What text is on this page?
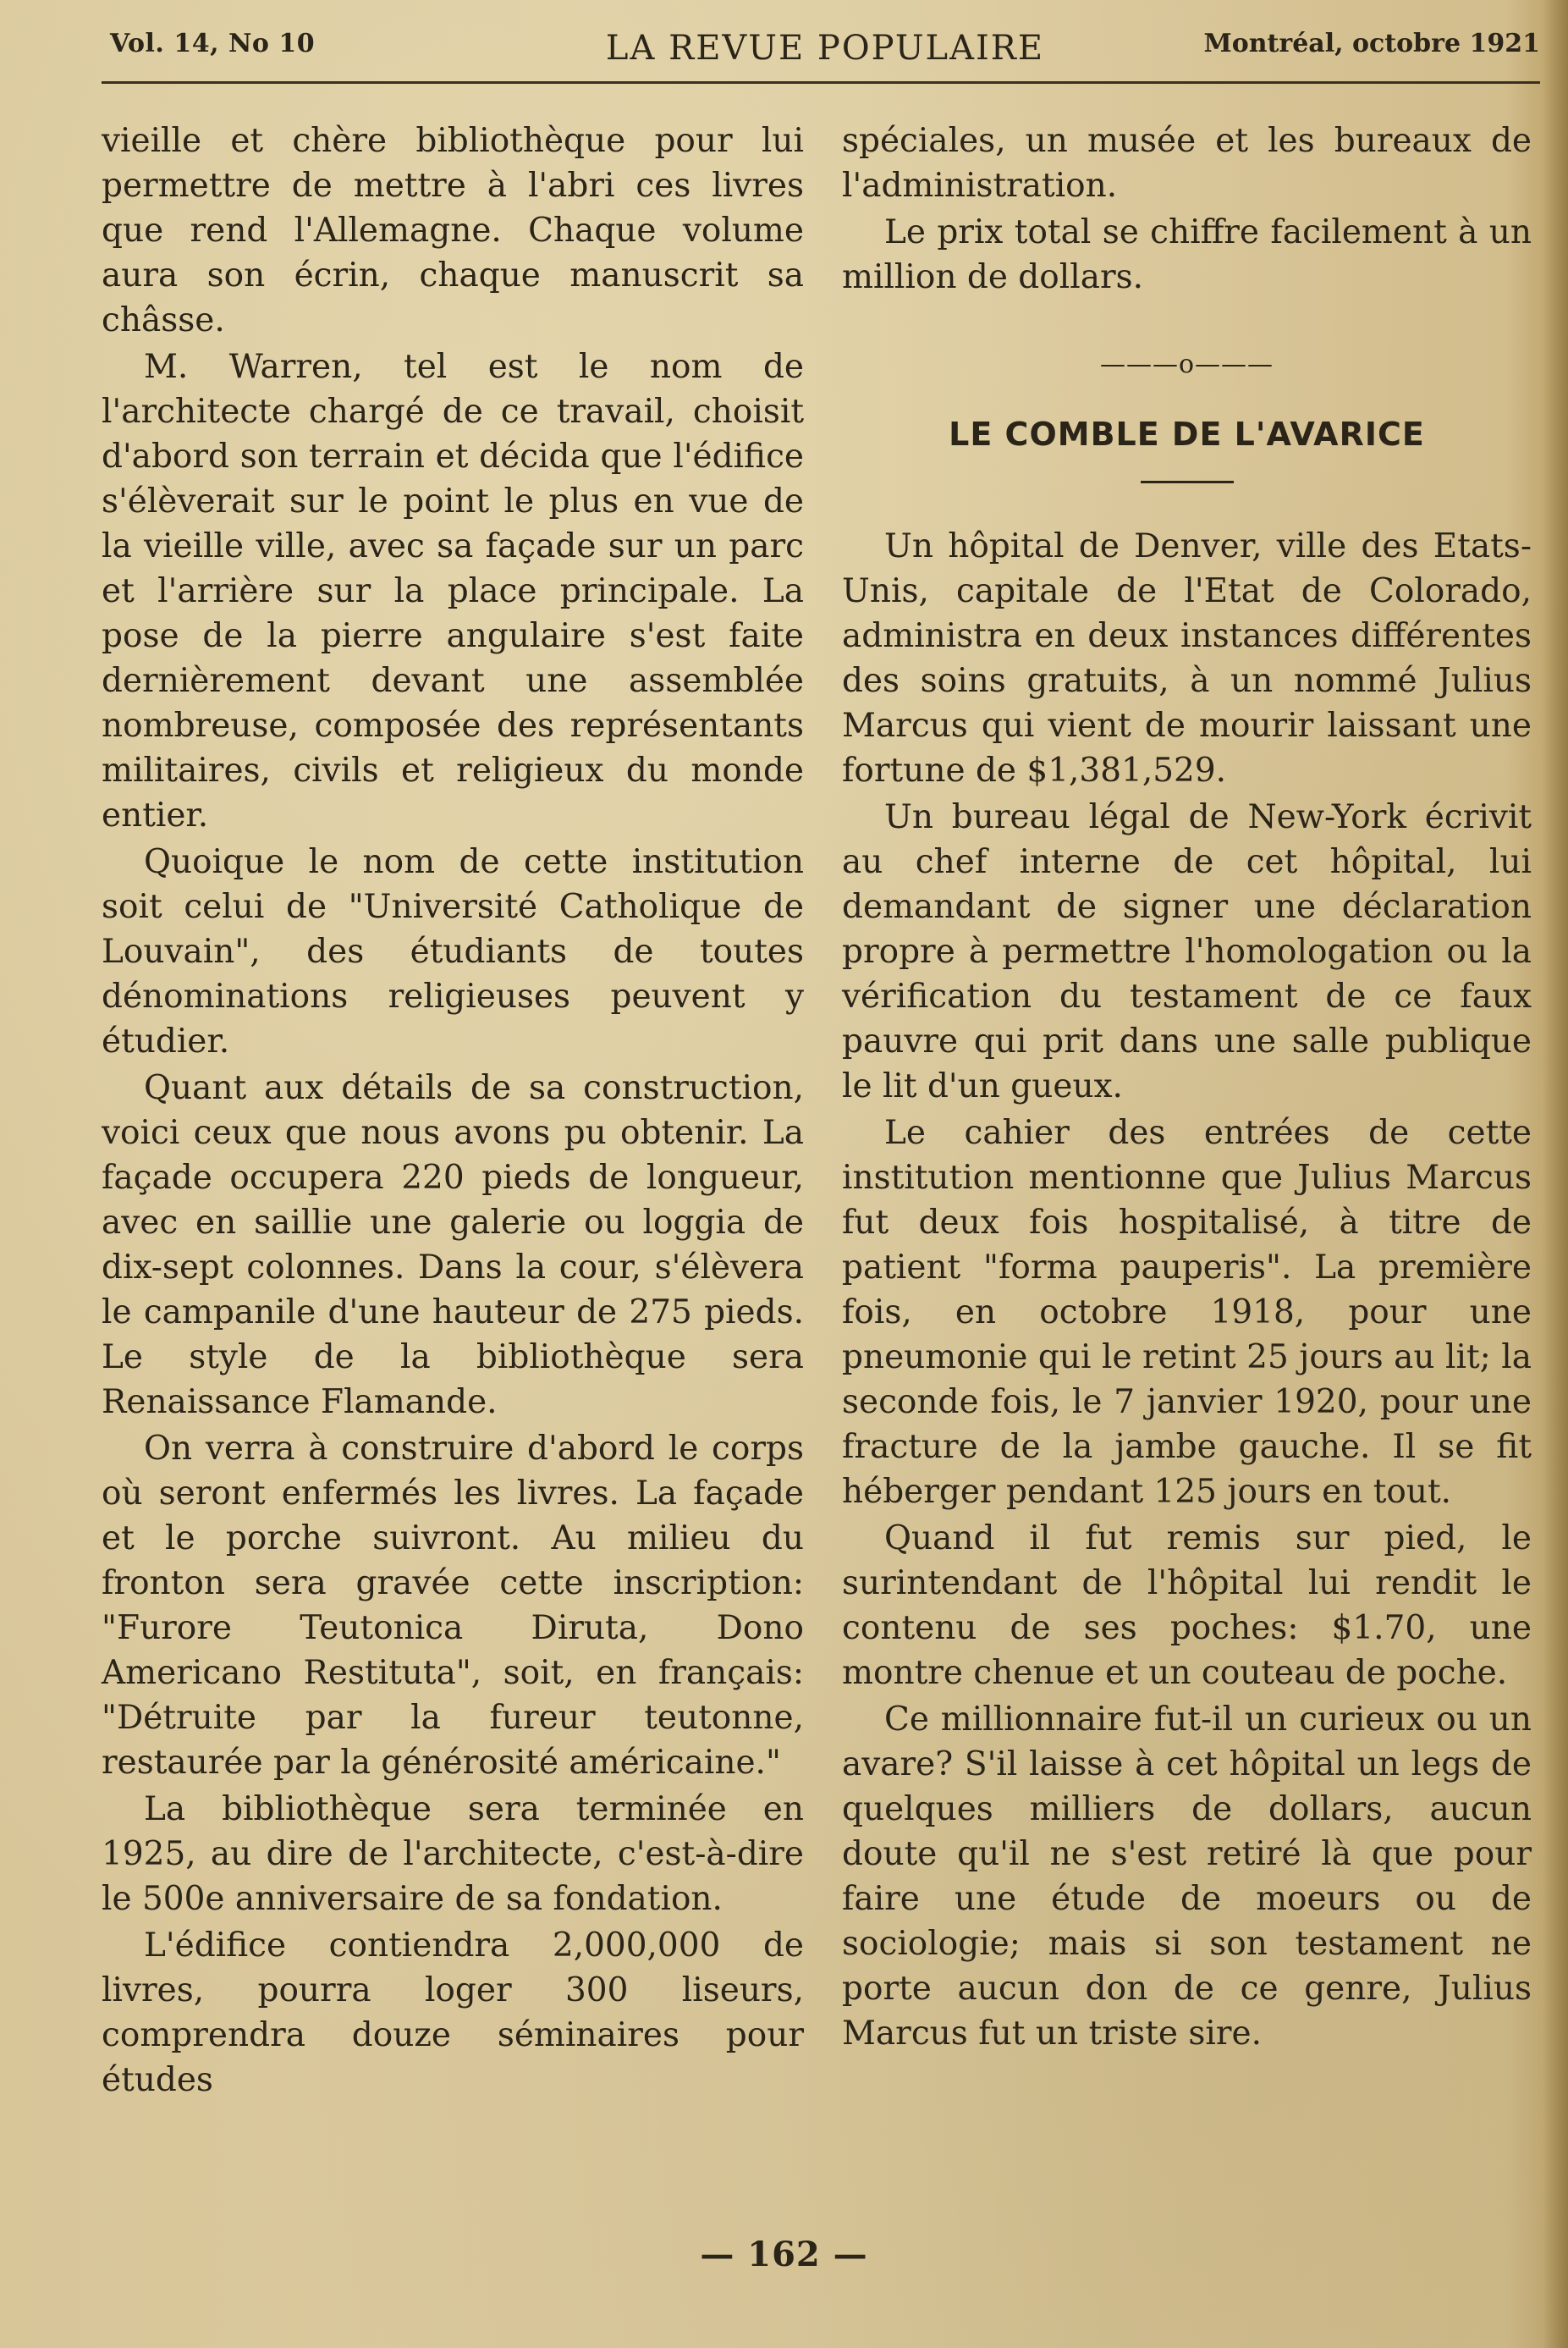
Vol. 14, No 10	LA REVUE POPULAIRE	Montréal, octobre 1921

vieille et chère bibliothèque pour lui permettre de mettre à l'abri ces livres que rend l'Allemagne. Chaque volume aura son écrin, chaque manuscrit sa châsse.

M. Warren, tel est le nom de l'architecte chargé de ce travail, choisit d'abord son terrain et décida que l'édifice s'élèverait sur le point le plus en vue de la vieille ville, avec sa façade sur un parc et l'arrière sur la place principale. La pose de la pierre angulaire s'est faite dernièrement devant une assemblée nombreuse, composée des représentants militaires, civils et religieux du monde entier.

Quoique le nom de cette institution soit celui de "Université Catholique de Louvain", des étudiants de toutes dénominations religieuses peuvent y étudier.

Quant aux détails de sa construction, voici ceux que nous avons pu obtenir. La façade occupera 220 pieds de longueur, avec en saillie une galerie ou loggia de dix-sept colonnes. Dans la cour, s'élèvera le campanile d'une hauteur de 275 pieds. Le style de la bibliothèque sera Renaissance Flamande.

On verra à construire d'abord le corps où seront enfermés les livres. La façade et le porche suivront. Au milieu du fronton sera gravée cette inscription: "Furore Teutonica Diruta, Dono Americano Restituta", soit, en français: "Détruite par la fureur teutonne, restaurée par la générosité américaine."

La bibliothèque sera terminée en 1925, au dire de l'architecte, c'est-à-dire le 500e anniversaire de sa fondation.

L'édifice contiendra 2,000,000 de livres, pourra loger 300 liseurs, comprendra douze séminaires pour études

spéciales, un musée et les bureaux de l'administration.

Le prix total se chiffre facilement à un million de dollars.

———o———
LE COMBLE DE L'AVARICE

Un hôpital de Denver, ville des Etats-Unis, capitale de l'Etat de Colorado, administra en deux instances différentes des soins gratuits, à un nommé Julius Marcus qui vient de mourir laissant une fortune de $1,381,529.

Un bureau légal de New-York écrivit au chef interne de cet hôpital, lui demandant de signer une déclaration propre à permettre l'homologation ou la vérification du testament de ce faux pauvre qui prit dans une salle publique le lit d'un gueux.

Le cahier des entrées de cette institution mentionne que Julius Marcus fut deux fois hospitalisé, à titre de patient "forma pauperis". La première fois, en octobre 1918, pour une pneumonie qui le retint 25 jours au lit; la seconde fois, le 7 janvier 1920, pour une fracture de la jambe gauche. Il se fit héberger pendant 125 jours en tout.

Quand il fut remis sur pied, le surintendant de l'hôpital lui rendit le contenu de ses poches: $1.70, une montre chenue et un couteau de poche.

Ce millionnaire fut-il un curieux ou un avare? S'il laisse à cet hôpital un legs de quelques milliers de dollars, aucun doute qu'il ne s'est retiré là que pour faire une étude de moeurs ou de sociologie; mais si son testament ne porte aucun don de ce genre, Julius Marcus fut un triste sire.

— 162 —
